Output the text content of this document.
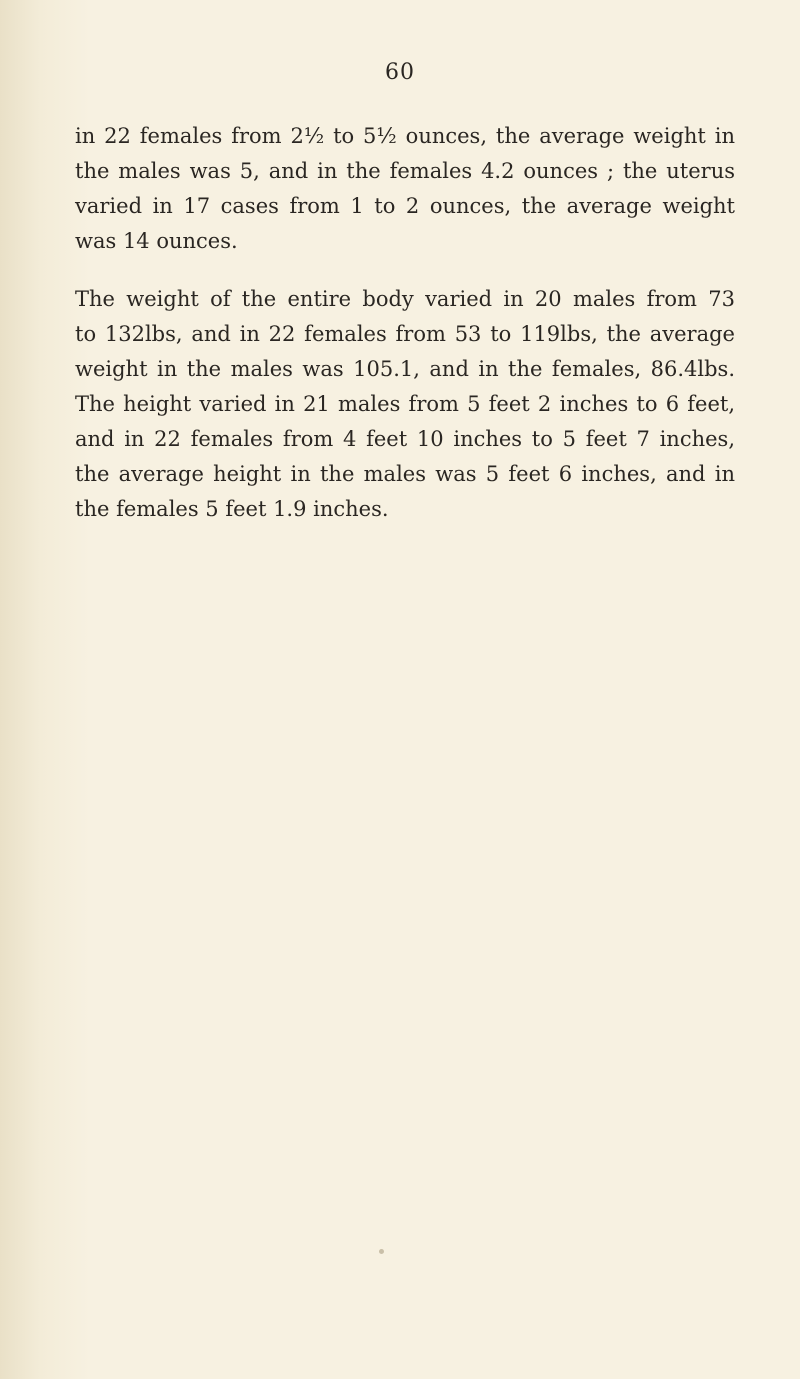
60
in 22 females from 2½ to 5½ ounces, the average weight in
the males was 5, and in the females 4.2 ounces ; the uterus
varied in 17 cases from 1 to 2 ounces, the average weight
was 14 ounces.
The weight of the entire body varied in 20 males from 73
to 132lbs, and in 22 females from 53 to 119lbs, the average
weight in the males was 105.1, and in the females, 86.4lbs.
The height varied in 21 males from 5 feet 2 inches to 6 feet,
and in 22 females from 4 feet 10 inches to 5 feet 7 inches,
the average height in the males was 5 feet 6 inches, and in
the females 5 feet 1.9 inches.
